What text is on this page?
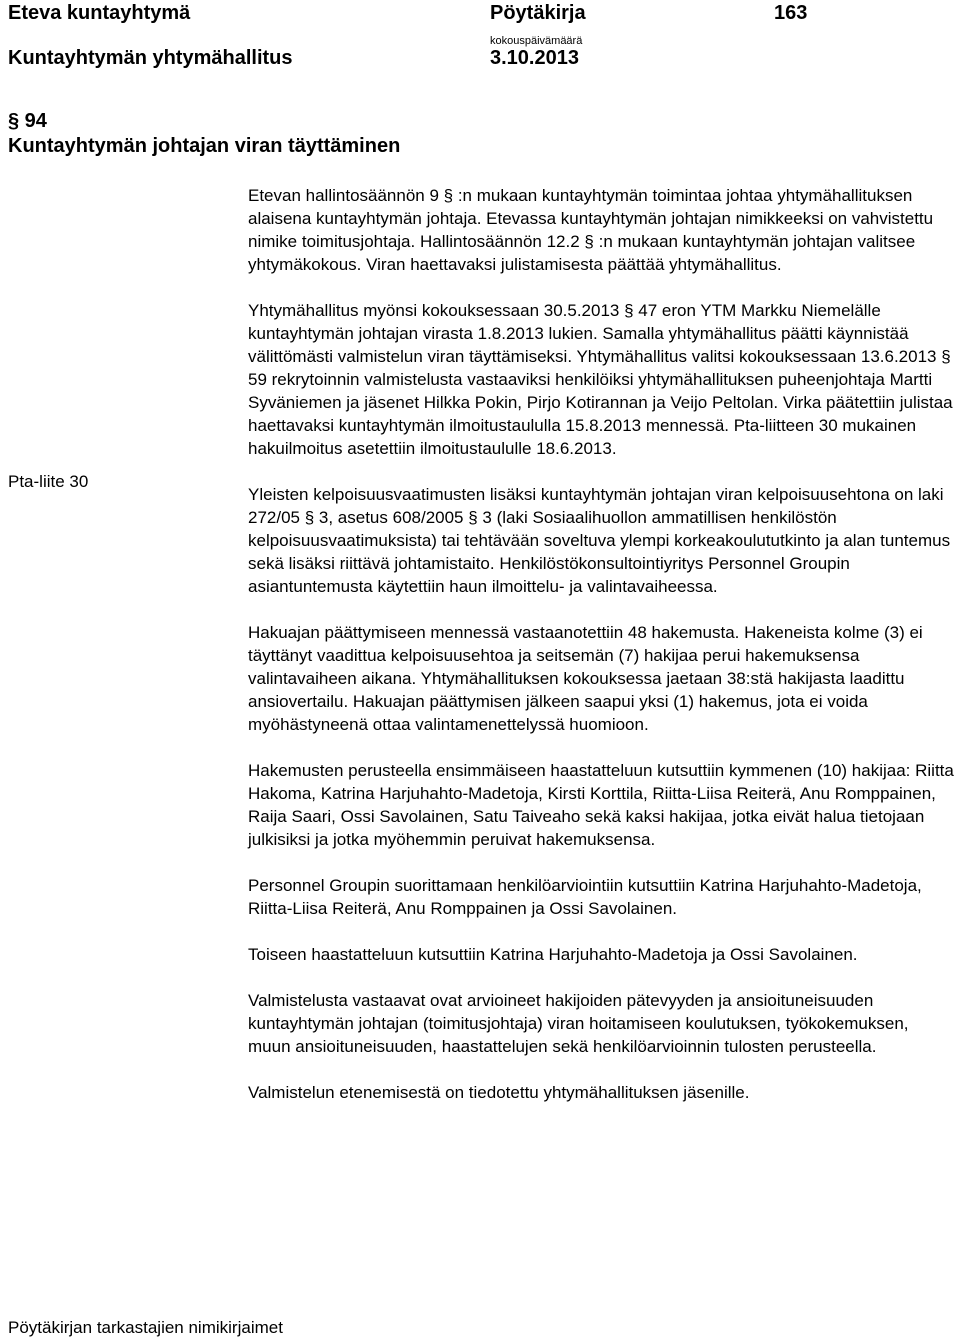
Eteva kuntayhtymä	Pöytäkirja	163
Kuntayhtymän yhtymähallitus
kokouspäivämäärä
3.10.2013
§ 94
Kuntayhtymän johtajan viran täyttäminen
Pta-liite 30

Etevan hallintosäännön 9 § :n mukaan kuntayhtymän toimintaa johtaa yhtymähallituksen alaisena kuntayhtymän johtaja. Etevassa kuntayhtymän johtajan nimikkeeksi on vahvistettu nimike toimitusjohtaja. Hallintosäännön 12.2 § :n mukaan kuntayhtymän johtajan valitsee yhtymäkokous. Viran haettavaksi julistamisesta päättää yhtymähallitus.

Yhtymähallitus myönsi kokouksessaan 30.5.2013 § 47 eron YTM Markku Niemelälle kuntayhtymän johtajan virasta 1.8.2013 lukien. Samalla yhtymähallitus päätti käynnistää välittömästi valmistelun viran täyttämiseksi. Yhtymähallitus valitsi kokouksessaan 13.6.2013 § 59 rekrytoinnin valmistelusta vastaaviksi henkilöiksi yhtymähallituksen puheenjohtaja Martti Syväniemen ja jäsenet Hilkka Pokin, Pirjo Kotirannan ja Veijo Peltolan. Virka päätettiin julistaa haettavaksi kuntayhtymän ilmoitustaululla 15.8.2013 mennessä. Pta-liitteen 30 mukainen hakuilmoitus asetettiin ilmoitustaululle 18.6.2013.

Yleisten kelpoisuusvaatimusten lisäksi kuntayhtymän johtajan viran kelpoisuusehtona on laki 272/05 § 3, asetus 608/2005 § 3 (laki Sosiaalihuollon ammatillisen henkilöstön kelpoisuusvaatimuksista) tai tehtävään soveltuva ylempi korkeakoulututkinto ja alan tuntemus sekä lisäksi riittävä johtamistaito. Henkilöstökonsultointiyritys Personnel Groupin asiantuntemusta käytettiin haun ilmoittelu- ja valintavaiheessa.

Hakuajan päättymiseen mennessä vastaanotettiin 48 hakemusta. Hakeneista kolme (3) ei täyttänyt vaadittua kelpoisuusehtoa ja seitsemän (7) hakijaa perui hakemuksensa valintavaiheen aikana. Yhtymähallituksen kokouksessa jaetaan 38:stä hakijasta laadittu ansiovertailu. Hakuajan päättymisen jälkeen saapui yksi (1) hakemus, jota ei voida myöhästyneenä ottaa valintamenettelyssä huomioon.

Hakemusten perusteella ensimmäiseen haastatteluun kutsuttiin kymmenen (10) hakijaa: Riitta Hakoma, Katrina Harjuhahto-Madetoja, Kirsti Korttila, Riitta-Liisa Reiterä, Anu Romppainen, Raija Saari, Ossi Savolainen, Satu Taiveaho sekä kaksi hakijaa, jotka eivät halua tietojaan julkisiksi ja jotka myöhemmin peruivat hakemuksensa.

Personnel Groupin suorittamaan henkilöarviointiin kutsuttiin Katrina Harjuhahto-Madetoja, Riitta-Liisa Reiterä, Anu Romppainen ja Ossi Savolainen.

Toiseen haastatteluun kutsuttiin Katrina Harjuhahto-Madetoja ja Ossi Savolainen.

Valmistelusta vastaavat ovat arvioineet hakijoiden pätevyyden ja ansioituneisuuden kuntayhtymän johtajan (toimitusjohtaja) viran hoitamiseen koulutuksen, työkokemuksen, muun ansioituneisuuden, haastattelujen sekä henkilöarvioinnin tulosten perusteella.

Valmistelun etenemisestä on tiedotettu yhtymähallituksen jäsenille.

Pöytäkirjan tarkastajien nimikirjaimet
